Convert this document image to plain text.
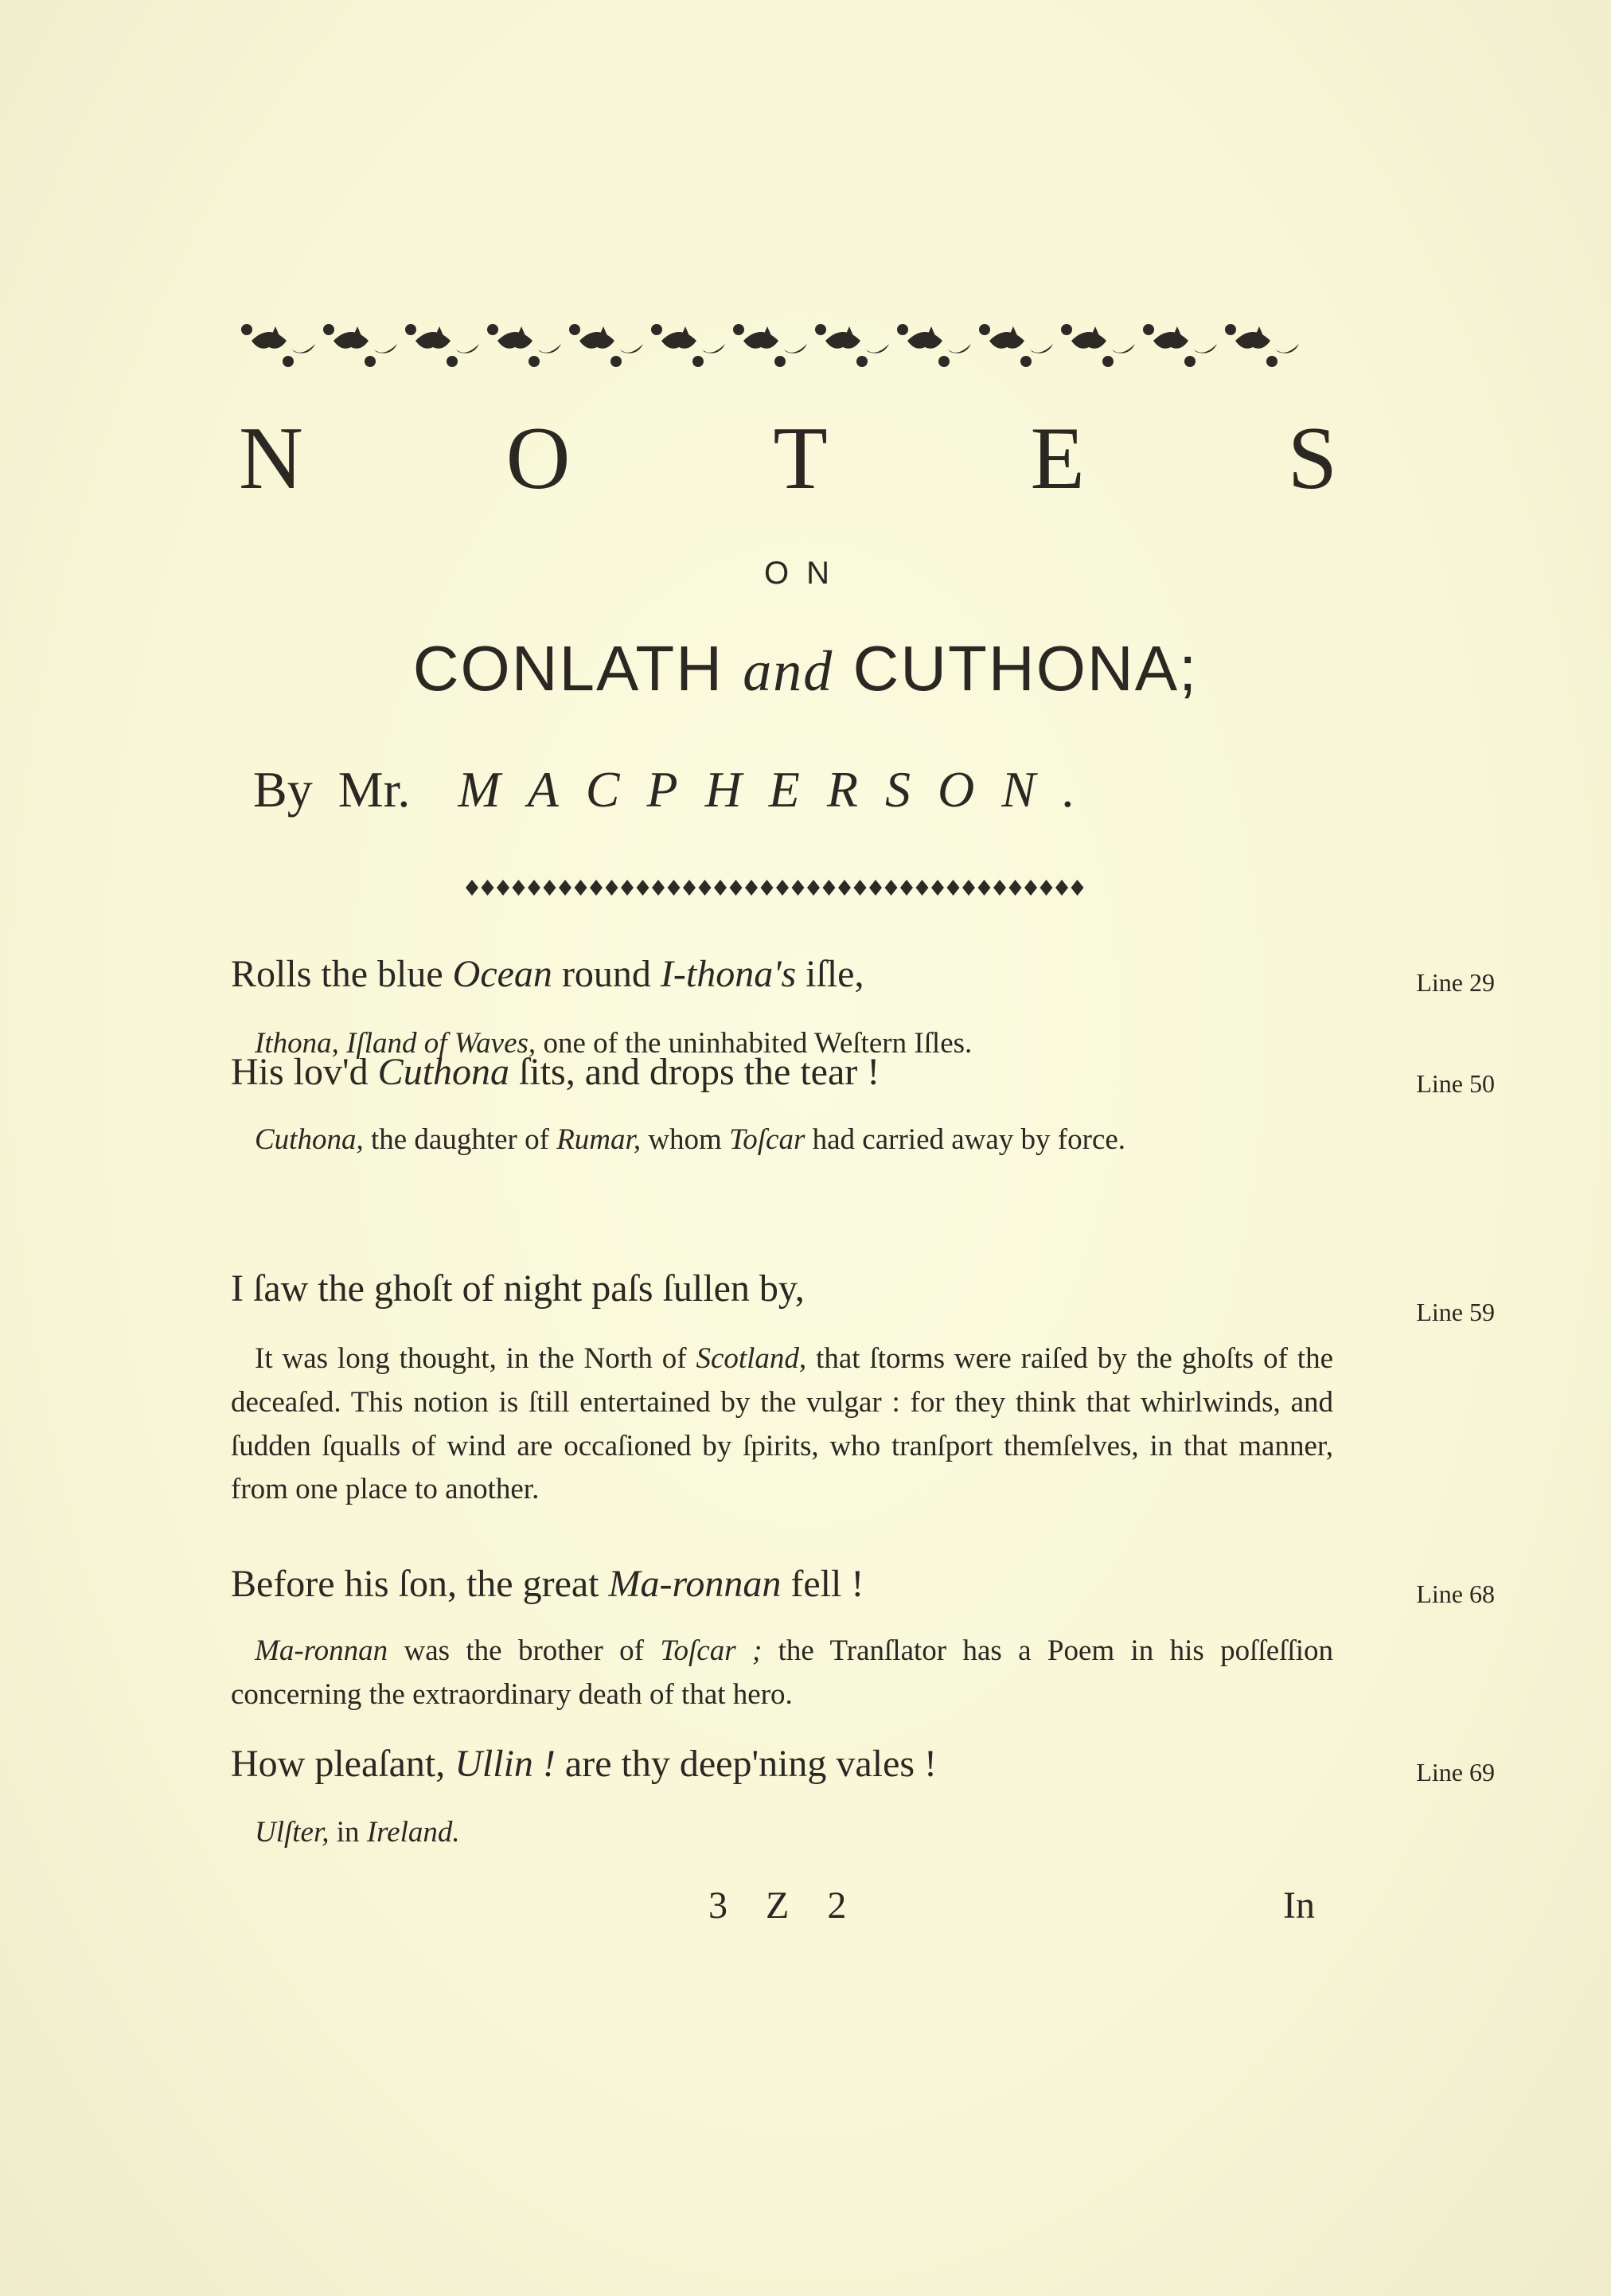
N O T E S
ON
CONLATH and CUTHONA;
By Mr. MACPHERSON.
Rolls the blue Ocean round I-thona's iſle,	Line 29
Ithona, Iſland of Waves, one of the uninhabited Weſtern Iſles.
His lov'd Cuthona ſits, and drops the tear !	Line 50
Cuthona, the daughter of Rumar, whom Toſcar had carried away by force.
I ſaw the ghoſt of night paſs ſullen by,
Line 59
It was long thought, in the North of Scotland, that ſtorms were raiſed by the ghoſts of the deceaſed. This notion is ſtill entertained by the vulgar : for they think that whirlwinds, and ſudden ſqualls of wind are occaſioned by ſpirits, who tranſport themſelves, in that manner, from one place to another.
Before his ſon, the great Ma-ronnan fell !	Line 68
Ma-ronnan was the brother of Toſcar ; the Tranſlator has a Poem in his poſſeſſion concerning the extraordinary death of that hero.
How pleaſant, Ullin ! are thy deep'ning vales !	Line 69
Ulſter, in Ireland.
3 Z 2	In
